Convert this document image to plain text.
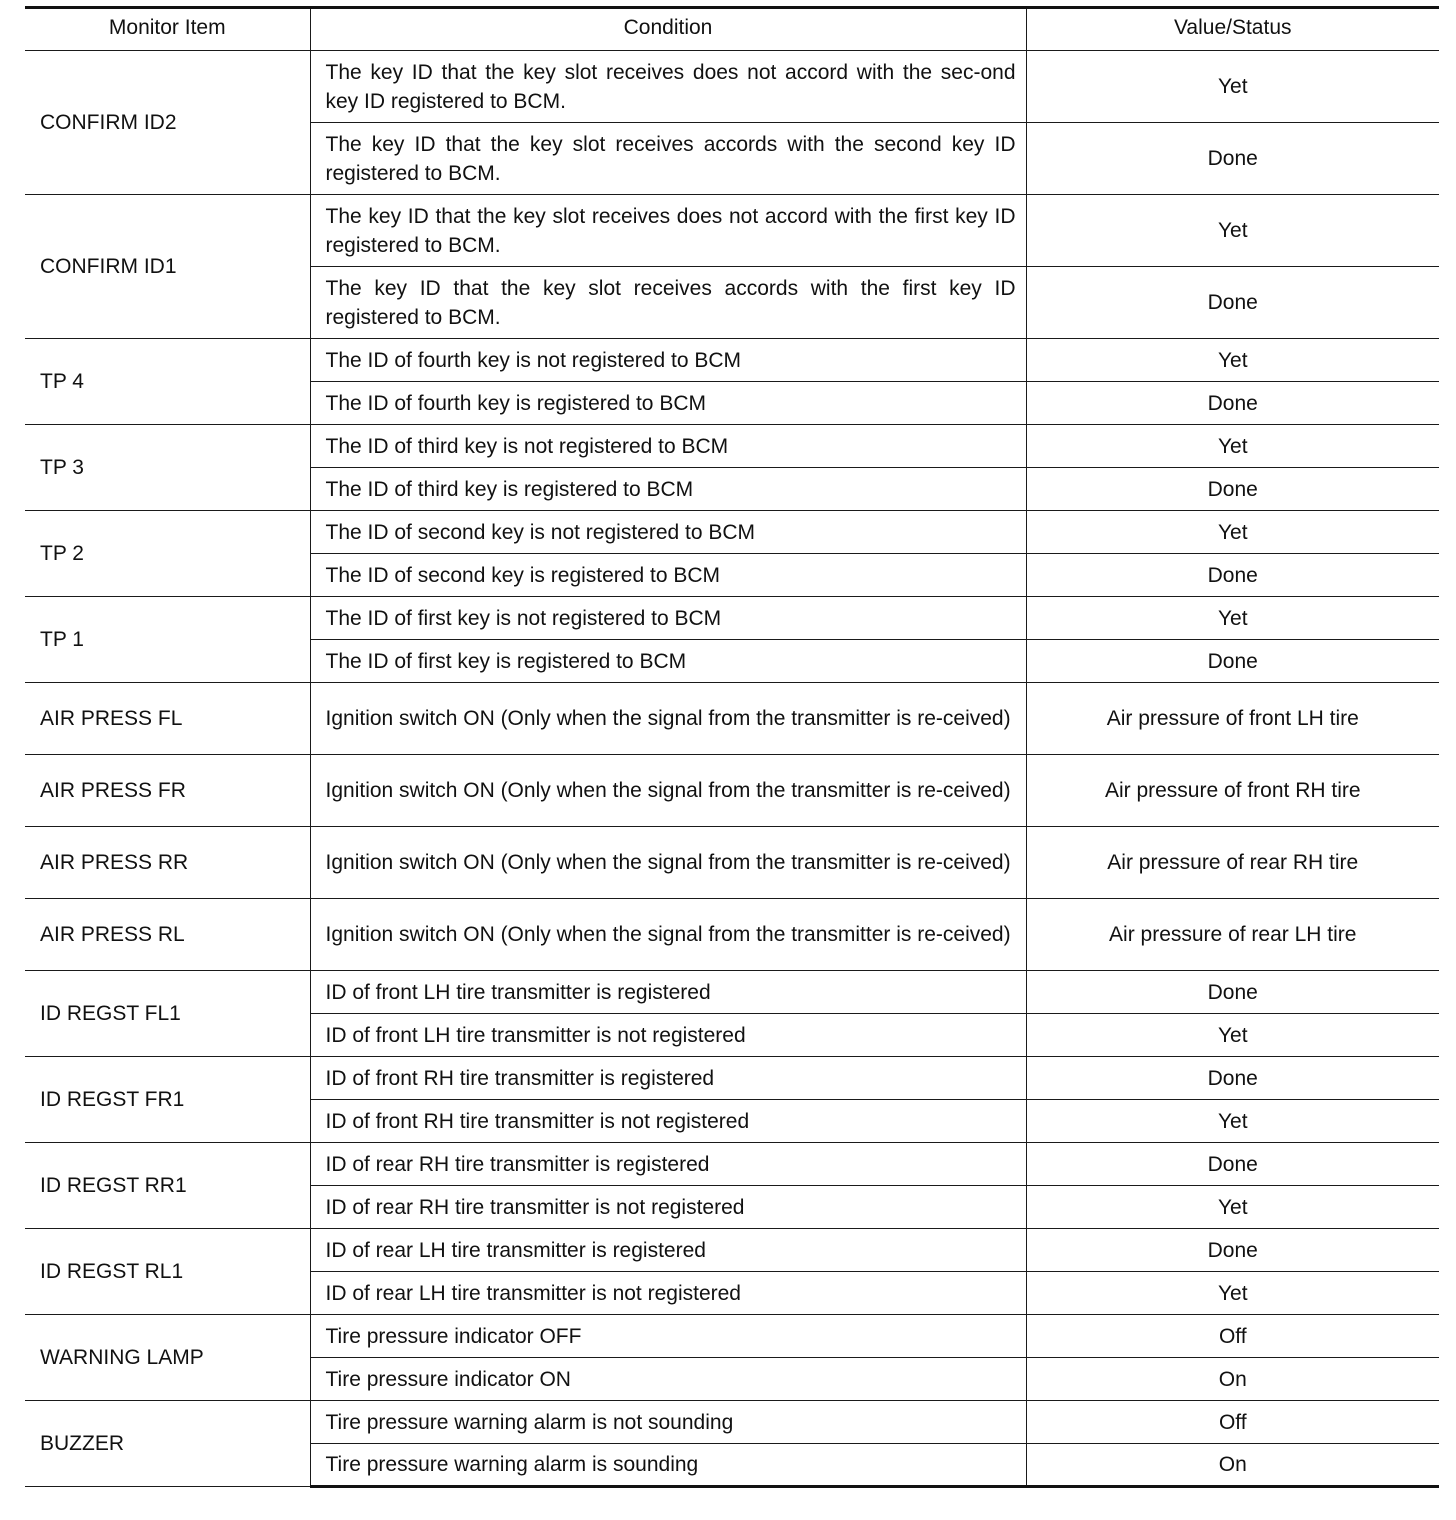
Monitor Item	Condition	Value/Status
CONFIRM ID2	The key ID that the key slot receives does not accord with the sec-ond key ID registered to BCM.	Yet
	The key ID that the key slot receives accords with the second key ID registered to BCM.	Done
CONFIRM ID1	The key ID that the key slot receives does not accord with the first key ID registered to BCM.	Yet
	The key ID that the key slot receives accords with the first key ID registered to BCM.	Done
TP 4	The ID of fourth key is not registered to BCM	Yet
	The ID of fourth key is registered to BCM	Done
TP 3	The ID of third key is not registered to BCM	Yet
	The ID of third key is registered to BCM	Done
TP 2	The ID of second key is not registered to BCM	Yet
	The ID of second key is registered to BCM	Done
TP 1	The ID of first key is not registered to BCM	Yet
	The ID of first key is registered to BCM	Done
AIR PRESS FL	Ignition switch ON (Only when the signal from the transmitter is re-ceived)	Air pressure of front LH tire
AIR PRESS FR	Ignition switch ON (Only when the signal from the transmitter is re-ceived)	Air pressure of front RH tire
AIR PRESS RR	Ignition switch ON (Only when the signal from the transmitter is re-ceived)	Air pressure of rear RH tire
AIR PRESS RL	Ignition switch ON (Only when the signal from the transmitter is re-ceived)	Air pressure of rear LH tire
ID REGST FL1	ID of front LH tire transmitter is registered	Done
	ID of front LH tire transmitter is not registered	Yet
ID REGST FR1	ID of front RH tire transmitter is registered	Done
	ID of front RH tire transmitter is not registered	Yet
ID REGST RR1	ID of rear RH tire transmitter is registered	Done
	ID of rear RH tire transmitter is not registered	Yet
ID REGST RL1	ID of rear LH tire transmitter is registered	Done
	ID of rear LH tire transmitter is not registered	Yet
WARNING LAMP	Tire pressure indicator OFF	Off
	Tire pressure indicator ON	On
BUZZER	Tire pressure warning alarm is not sounding	Off
	Tire pressure warning alarm is sounding	On
